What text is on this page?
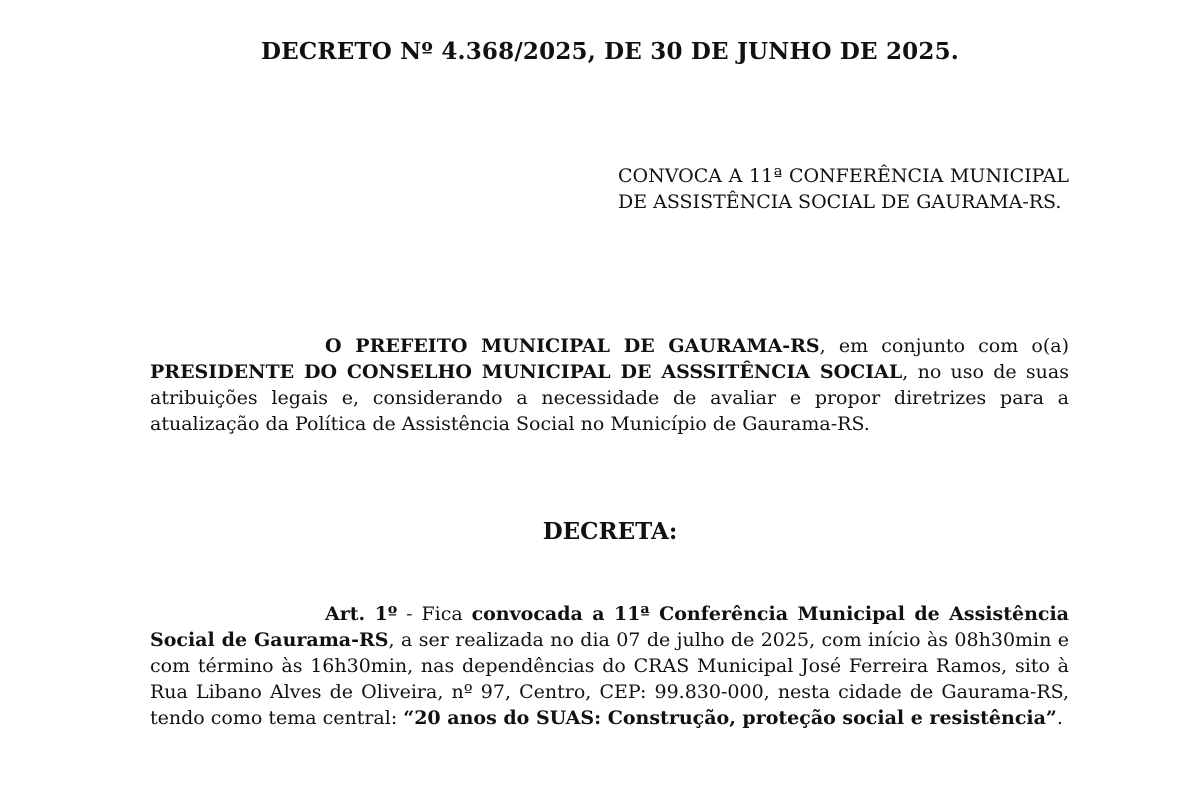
DECRETO Nº 4.368/2025, DE 30 DE JUNHO DE 2025.

CONVOCA A 11ª CONFERÊNCIA MUNICIPAL DE ASSISTÊNCIA SOCIAL DE GAURAMA-RS.

O PREFEITO MUNICIPAL DE GAURAMA-RS, em conjunto com o(a) PRESIDENTE DO CONSELHO MUNICIPAL DE ASSSITÊNCIA SOCIAL, no uso de suas atribuições legais e, considerando a necessidade de avaliar e propor diretrizes para a atualização da Política de Assistência Social no Município de Gaurama-RS.

DECRETA:

Art. 1º - Fica convocada a 11ª Conferência Municipal de Assistência Social de Gaurama-RS, a ser realizada no dia 07 de julho de 2025, com início às 08h30min e com término às 16h30min, nas dependências do CRAS Municipal José Ferreira Ramos, sito à Rua Libano Alves de Oliveira, nº 97, Centro, CEP: 99.830-000, nesta cidade de Gaurama-RS, tendo como tema central: “20 anos do SUAS: Construção, proteção social e resistência”.
